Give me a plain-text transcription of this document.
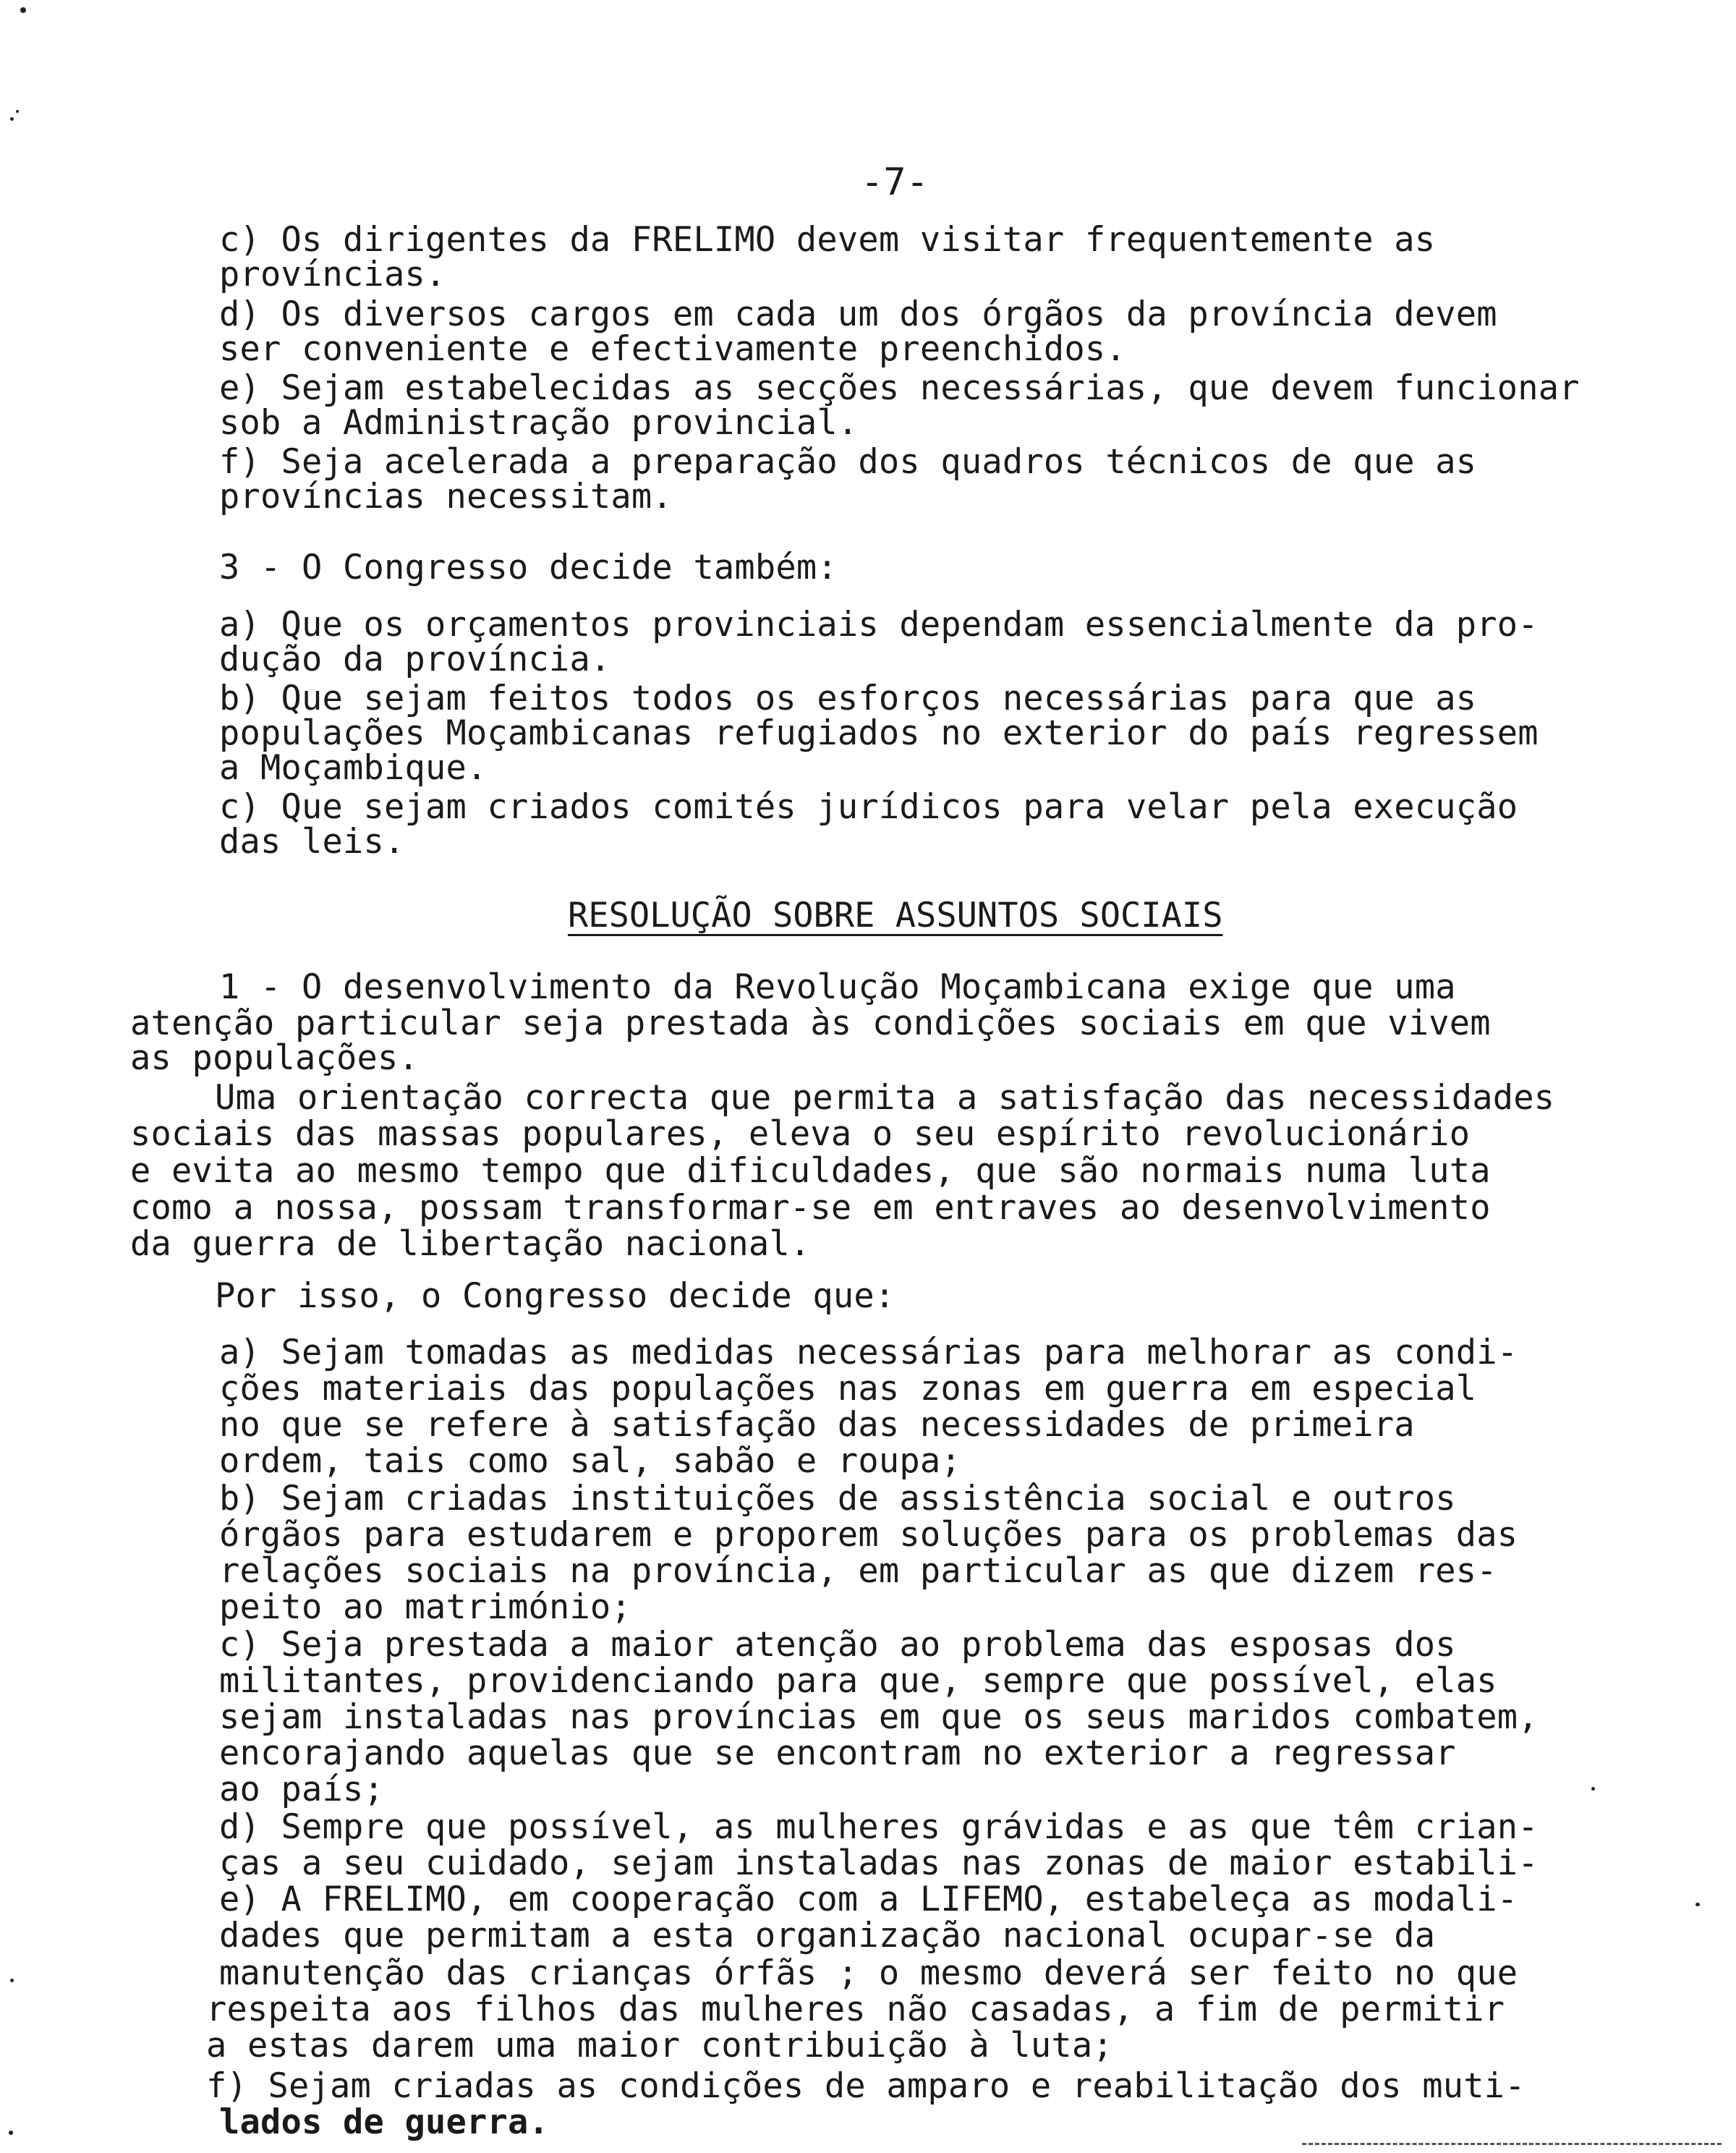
-7-
c) Os dirigentes da FRELIMO devem visitar frequentemente as
províncias.
d) Os diversos cargos em cada um dos órgãos da província devem
ser conveniente e efectivamente preenchidos.
e) Sejam estabelecidas as secções necessárias, que devem funcionar
sob a Administração provincial.
f) Seja acelerada a preparação dos quadros técnicos de que as
províncias necessitam.
3 - O Congresso decide também:
a) Que os orçamentos provinciais dependam essencialmente da pro-
dução da província.
b) Que sejam feitos todos os esforços necessárias para que as
populações Moçambicanas refugiados no exterior do país regressem
a Moçambique.
c) Que sejam criados comités jurídicos para velar pela execução
das leis.
RESOLUÇÃO SOBRE ASSUNTOS SOCIAIS
1 - O desenvolvimento da Revolução Moçambicana exige que uma
atenção particular seja prestada às condições sociais em que vivem
as populações.
Uma orientação correcta que permita a satisfação das necessidades
sociais das massas populares, eleva o seu espírito revolucionário
e evita ao mesmo tempo que dificuldades, que são normais numa luta
como a nossa, possam transformar-se em entraves ao desenvolvimento
da guerra de libertação nacional.
Por isso, o Congresso decide que:
a) Sejam tomadas as medidas necessárias para melhorar as condi-
ções materiais das populações nas zonas em guerra em especial
no que se refere à satisfação das necessidades de primeira
ordem, tais como sal, sabão e roupa;
b) Sejam criadas instituições de assistência social e outros
órgãos para estudarem e proporem soluções para os problemas das
relações sociais na província, em particular as que dizem res-
peito ao matrimónio;
c) Seja prestada a maior atenção ao problema das esposas dos
militantes, providenciando para que, sempre que possível, elas
sejam instaladas nas províncias em que os seus maridos combatem,
encorajando aquelas que se encontram no exterior a regressar
ao país;
d) Sempre que possível, as mulheres grávidas e as que têm crian-
ças a seu cuidado, sejam instaladas nas zonas de maior estabili-
e) A FRELIMO, em cooperação com a LIFEMO, estabeleça as modali-
dades que permitam a esta organização nacional ocupar-se da
manutenção das crianças órfãs ; o mesmo deverá ser feito no que
respeita aos filhos das mulheres não casadas, a fim de permitir
a estas darem uma maior contribuição à luta;
f) Sejam criadas as condições de amparo e reabilitação dos muti-
lados de guerra.
